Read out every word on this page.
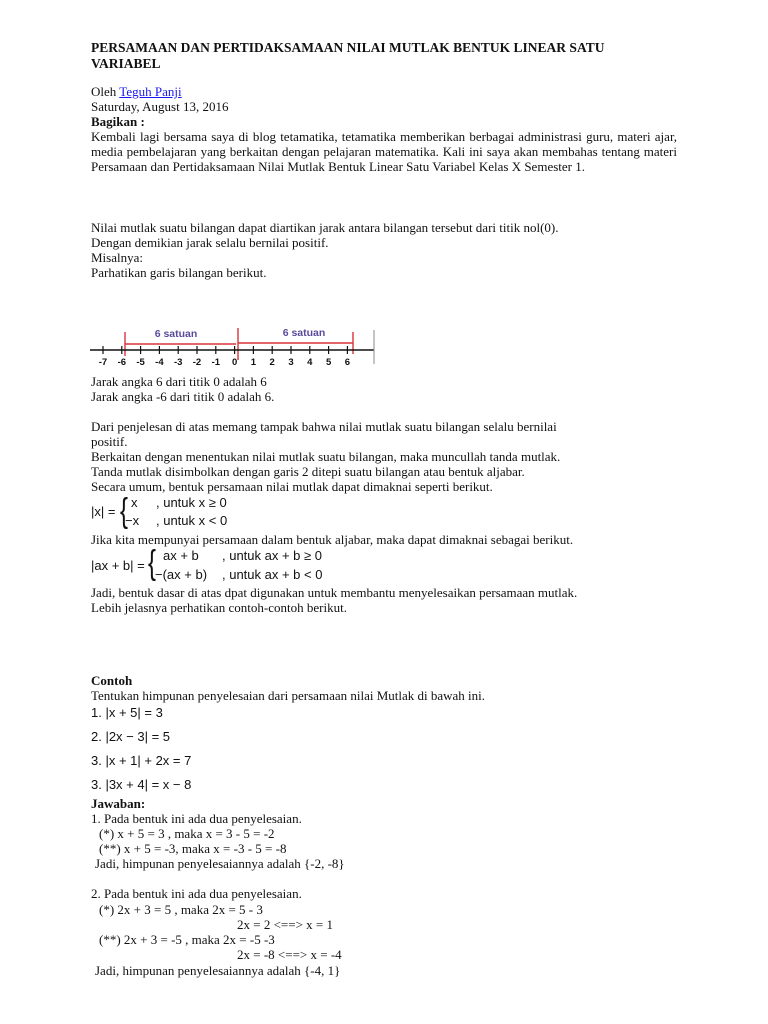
PERSAMAAN DAN PERTIDAKSAMAAN NILAI MUTLAK BENTUK LINEAR SATU
VARIABEL
Oleh Teguh Panji
Saturday, August 13, 2016
Bagikan :
Kembali lagi bersama saya di blog tetamatika, tetamatika memberikan berbagai administrasi guru, materi ajar, media pembelajaran yang berkaitan dengan pelajaran matematika. Kali ini saya akan membahas tentang materi Persamaan dan Pertidaksamaan Nilai Mutlak Bentuk Linear Satu Variabel Kelas X Semester 1.
Nilai mutlak suatu bilangan dapat diartikan jarak antara bilangan tersebut dari titik nol(0).
Dengan demikian jarak selalu bernilai positif.
Misalnya:
Parhatikan garis bilangan berikut.
6 satuan	6 satuan
-7 -6 -5 -4 -3 -2 -1 0 1 2 3 4 5 6
Jarak angka 6 dari titik 0 adalah 6
Jarak angka -6 dari titik 0 adalah 6.
Dari penjelesan di atas memang tampak bahwa nilai mutlak suatu bilangan selalu bernilai
positif.
Berkaitan dengan menentukan nilai mutlak suatu bilangan, maka muncullah tanda mutlak.
Tanda mutlak disimbolkan dengan garis 2 ditepi suatu bilangan atau bentuk aljabar.
Secara umum, bentuk persamaan nilai mutlak dapat dimaknai seperti berikut.
|x| = { x , untuk x ≥ 0
−x , untuk x < 0
Jika kita mempunyai persamaan dalam bentuk aljabar, maka dapat dimaknai sebagai berikut.
|ax + b| = { ax + b , untuk ax + b ≥ 0
−(ax + b) , untuk ax + b < 0
Jadi, bentuk dasar di atas dpat digunakan untuk membantu menyelesaikan persamaan mutlak.
Lebih jelasnya perhatikan contoh-contoh berikut.
Contoh
Tentukan himpunan penyelesaian dari persamaan nilai Mutlak di bawah ini.
1. |x + 5| = 3
2. |2x − 3| = 5
3. |x + 1| + 2x = 7
3. |3x + 4| = x − 8
Jawaban:
1. Pada bentuk ini ada dua penyelesaian.
(*) x + 5 = 3 , maka x = 3 - 5 = -2
(**) x + 5 = -3, maka x = -3 - 5 = -8
Jadi, himpunan penyelesaiannya adalah {-2, -8}
2. Pada bentuk ini ada dua penyelesaian.
(*) 2x + 3 = 5 , maka 2x = 5 - 3
2x = 2 <==> x = 1
(**) 2x + 3 = -5 , maka 2x = -5 -3
2x = -8 <==> x = -4
Jadi, himpunan penyelesaiannya adalah {-4, 1}
